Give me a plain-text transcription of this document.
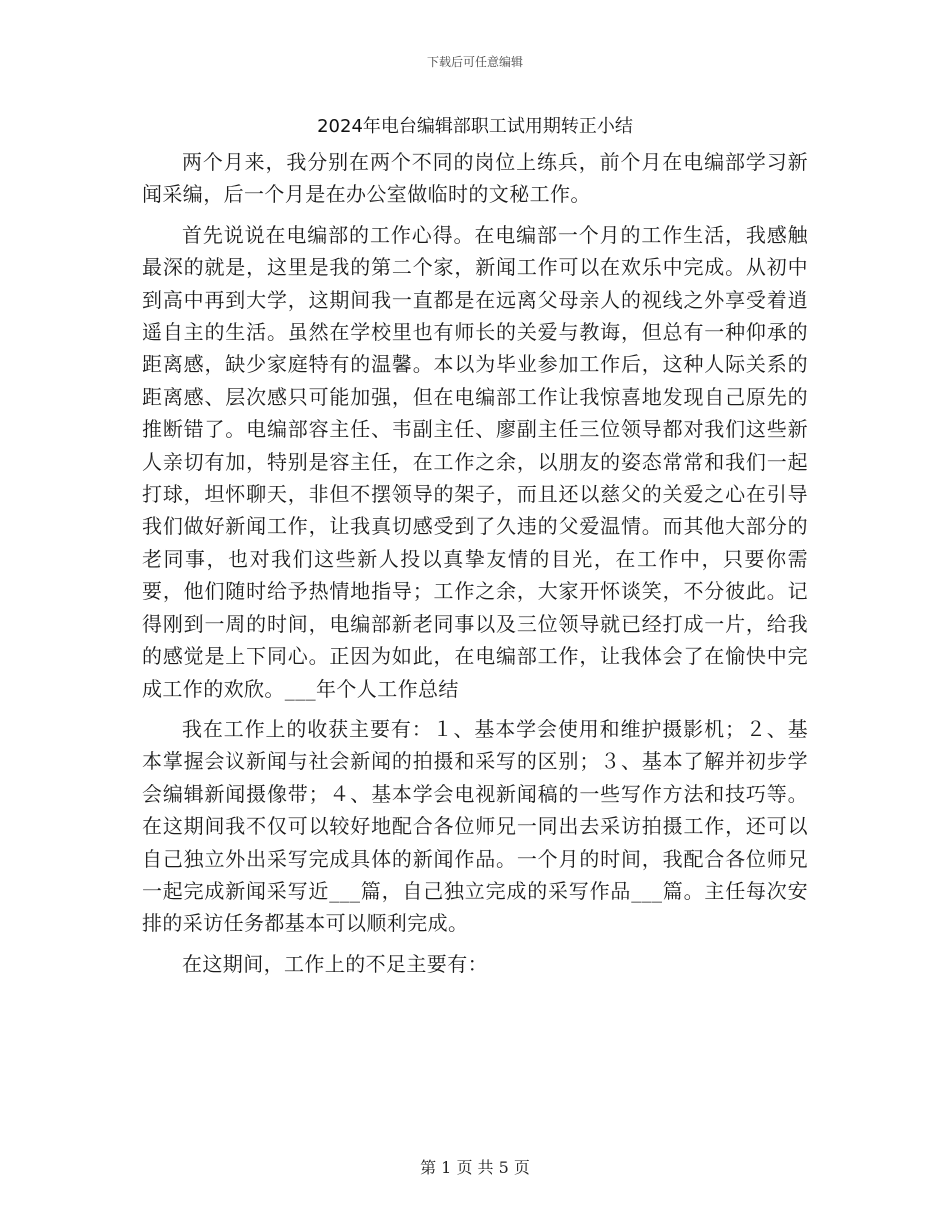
下载后可任意编辑
2024年电台编辑部职工试用期转正小结

两个月来，我分别在两个不同的岗位上练兵，前个月在电编部学习新闻采编，后一个月是在办公室做临时的文秘工作。

首先说说在电编部的工作心得。在电编部一个月的工作生活，我感触最深的就是，这里是我的第二个家，新闻工作可以在欢乐中完成。从初中到高中再到大学，这期间我一直都是在远离父母亲人的视线之外享受着逍遥自主的生活。虽然在学校里也有师长的关爱与教诲，但总有一种仰承的距离感，缺少家庭特有的温馨。本以为毕业参加工作后，这种人际关系的距离感、层次感只可能加强，但在电编部工作让我惊喜地发现自己原先的推断错了。电编部容主任、韦副主任、廖副主任三位领导都对我们这些新人亲切有加，特别是容主任，在工作之余，以朋友的姿态常常和我们一起打球，坦怀聊天，非但不摆领导的架子，而且还以慈父的关爱之心在引导我们做好新闻工作，让我真切感受到了久违的父爱温情。而其他大部分的老同事，也对我们这些新人投以真挚友情的目光，在工作中，只要你需要，他们随时给予热情地指导；工作之余，大家开怀谈笑，不分彼此。记得刚到一周的时间，电编部新老同事以及三位领导就已经打成一片，给我的感觉是上下同心。正因为如此，在电编部工作，让我体会了在愉快中完成工作的欢欣。___年个人工作总结

我在工作上的收获主要有：１、基本学会使用和维护摄影机；２、基本掌握会议新闻与社会新闻的拍摄和采写的区别；３、基本了解并初步学会编辑新闻摄像带；４、基本学会电视新闻稿的一些写作方法和技巧等。在这期间我不仅可以较好地配合各位师兄一同出去采访拍摄工作，还可以自己独立外出采写完成具体的新闻作品。一个月的时间，我配合各位师兄一起完成新闻采写近___篇，自己独立完成的采写作品___篇。主任每次安排的采访任务都基本可以顺利完成。

在这期间，工作上的不足主要有：

第 1 页 共 5 页
